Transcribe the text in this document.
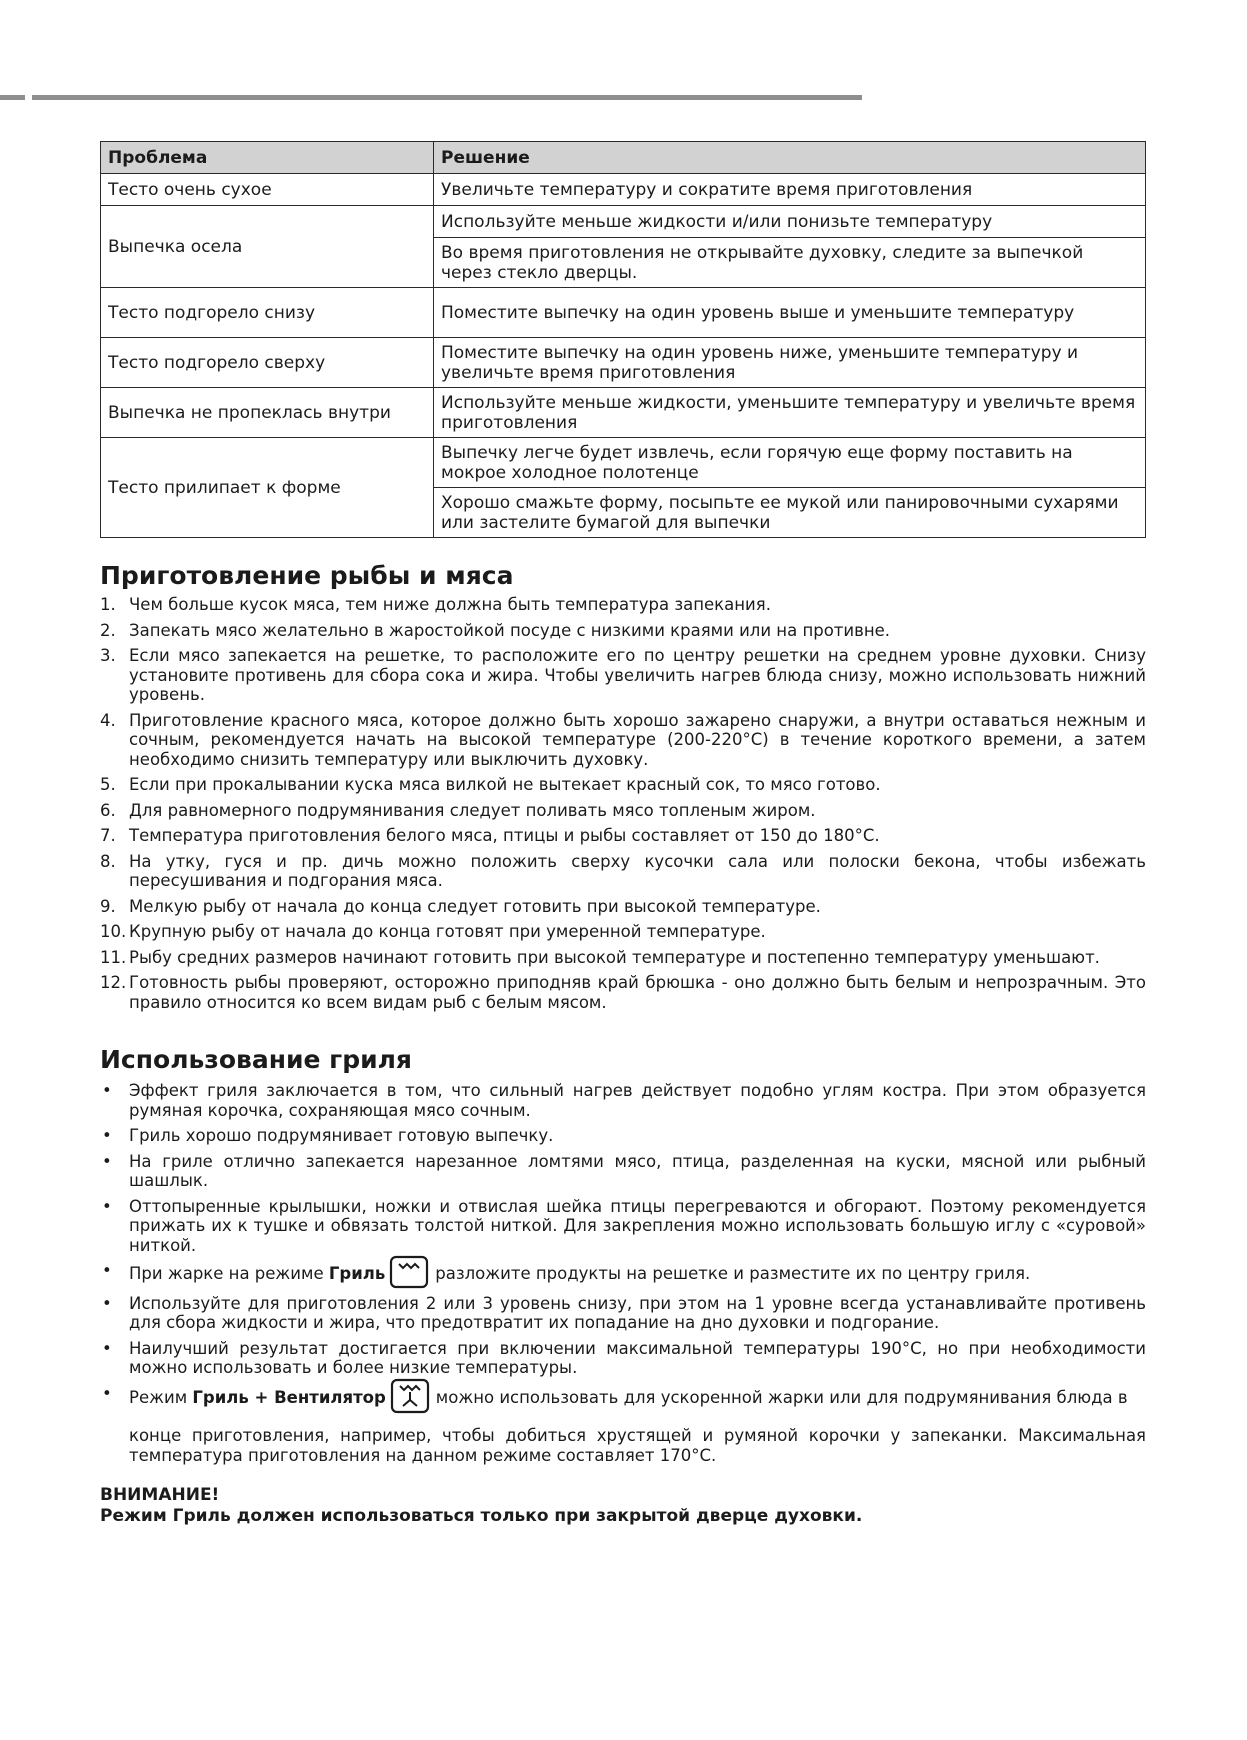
Проблема	Решение
Тесто очень сухое	Увеличьте температуру и сократите время приготовления
Выпечка осела	Используйте меньше жидкости и/или понизьте температуру
	Во время приготовления не открывайте духовку, следите за выпечкой через стекло дверцы.
Тесто подгорело снизу	Поместите выпечку на один уровень выше и уменьшите температуру
Тесто подгорело сверху	Поместите выпечку на один уровень ниже, уменьшите температуру и увеличьте время приготовления
Выпечка не пропеклась внутри	Используйте меньше жидкости, уменьшите температуру и увеличьте время приготовления
Тесто прилипает к форме	Выпечку легче будет извлечь, если горячую еще форму поставить на мокрое холодное полотенце
	Хорошо смажьте форму, посыпьте ее мукой или панировочными сухарями или застелите бумагой для выпечки
Приготовление рыбы и мяса
1. Чем больше кусок мяса, тем ниже должна быть температура запекания.
2. Запекать мясо желательно в жаростойкой посуде с низкими краями или на противне.
3. Если мясо запекается на решетке, то расположите его по центру решетки на среднем уровне духовки. Снизу установите противень для сбора сока и жира. Чтобы увеличить нагрев блюда снизу, можно использовать нижний уровень.
4. Приготовление красного мяса, которое должно быть хорошо зажарено снаружи, а внутри оставаться нежным и сочным, рекомендуется начать на высокой температуре (200-220°С) в течение короткого времени, а затем необходимо снизить температуру или выключить духовку.
5. Если при прокалывании куска мяса вилкой не вытекает красный сок, то мясо готово.
6. Для равномерного подрумянивания следует поливать мясо топленым жиром.
7. Температура приготовления белого мяса, птицы и рыбы составляет от 150 до 180°С.
8. На утку, гуся и пр. дичь можно положить сверху кусочки сала или полоски бекона, чтобы избежать пересушивания и подгорания мяса.
9. Мелкую рыбу от начала до конца следует готовить при высокой температуре.
10. Крупную рыбу от начала до конца готовят при умеренной температуре.
11. Рыбу средних размеров начинают готовить при высокой температуре и постепенно температуру уменьшают.
12. Готовность рыбы проверяют, осторожно приподняв край брюшка - оно должно быть белым и непрозрачным. Это правило относится ко всем видам рыб с белым мясом.
Использование гриля
• Эффект гриля заключается в том, что сильный нагрев действует подобно углям костра. При этом образуется румяная корочка, сохраняющая мясо сочным.
• Гриль хорошо подрумянивает готовую выпечку.
• На гриле отлично запекается нарезанное ломтями мясо, птица, разделенная на куски, мясной или рыбный шашлык.
• Оттопыренные крылышки, ножки и отвислая шейка птицы перегреваются и обгорают. Поэтому рекомендуется прижать их к тушке и обвязать толстой ниткой. Для закрепления можно использовать большую иглу с «суровой» ниткой.
• При жарке на режиме Гриль	разложите продукты на решетке и разместите их по центру гриля.
• Используйте для приготовления 2 или 3 уровень снизу, при этом на 1 уровне всегда устанавливайте противень для сбора жидкости и жира, что предотвратит их попадание на дно духовки и подгорание.
• Наилучший результат достигается при включении максимальной температуры 190°С, но при необходимости можно использовать и более низкие температуры.
• Режим Гриль + Вентилятор	можно использовать для ускоренной жарки или для подрумянивания блюда в
конце приготовления, например, чтобы добиться хрустящей и румяной корочки у запеканки. Максимальная температура приготовления на данном режиме составляет 170°С.
ВНИМАНИЕ!
Режим Гриль должен использоваться только при закрытой дверце духовки.
